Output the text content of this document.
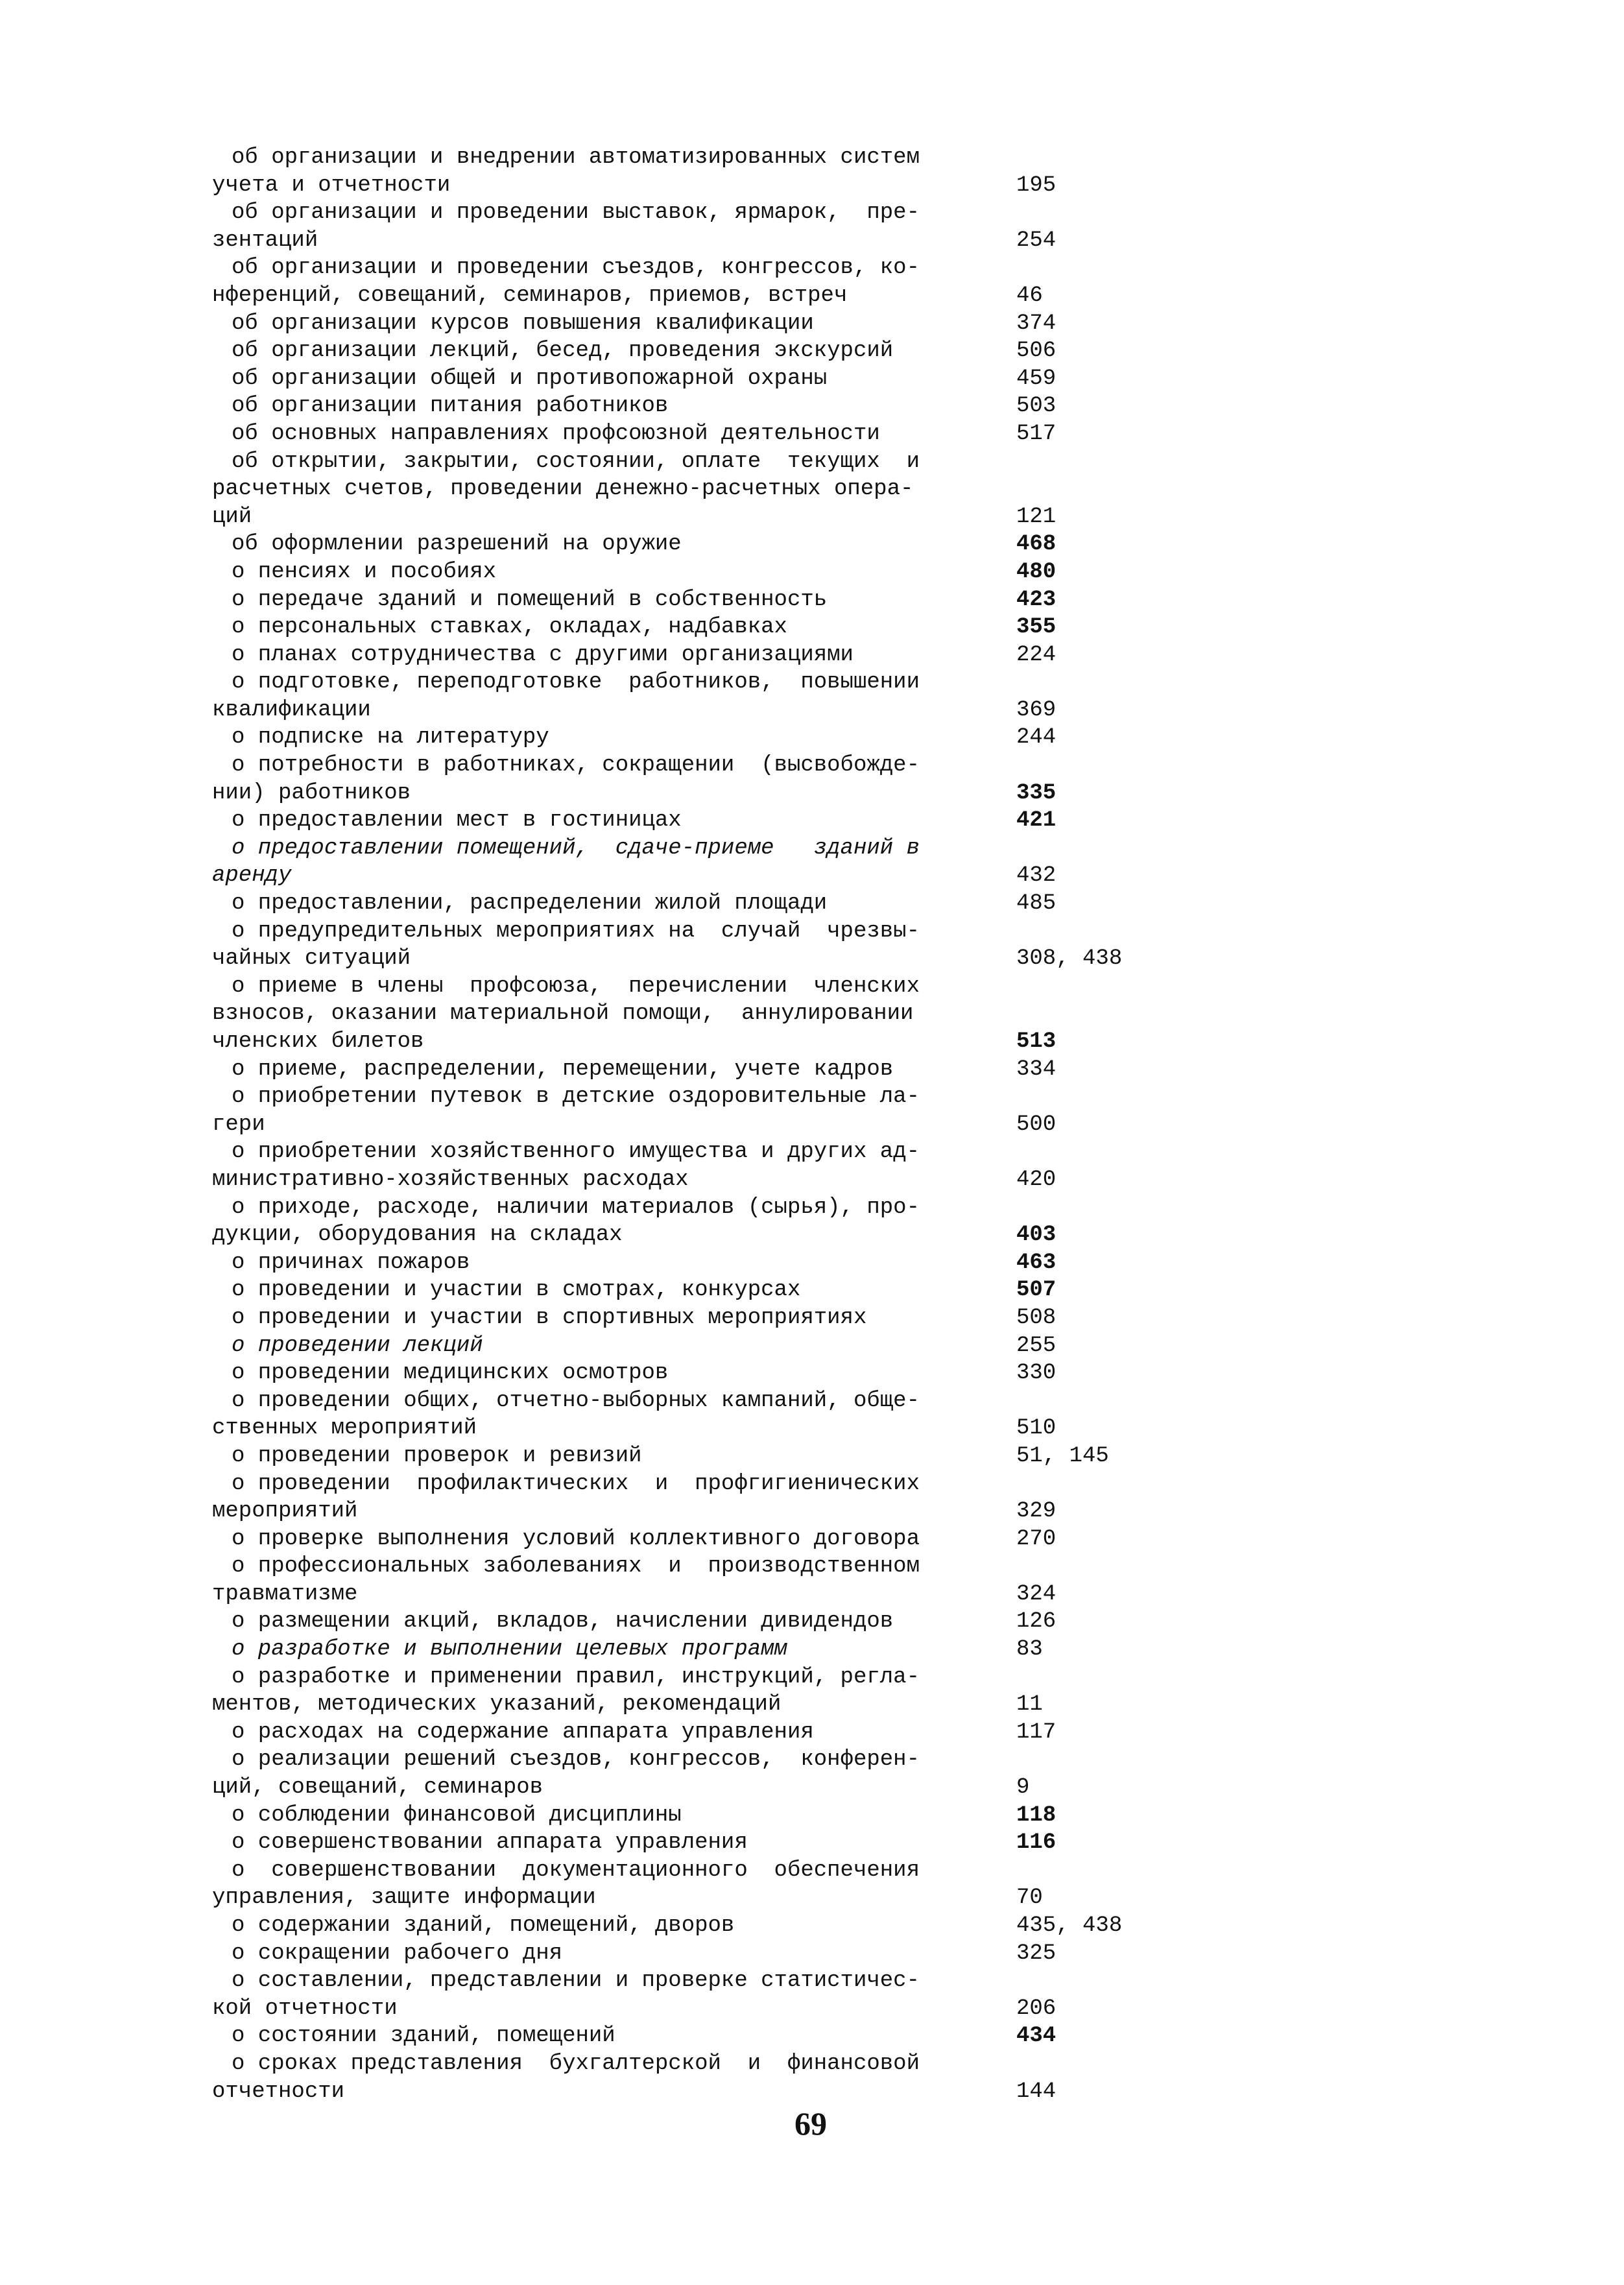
об организации и внедрении автоматизированных систем
учета и отчетности	195
об организации и проведении выставок, ярмарок,  пре-
зентаций	254
об организации и проведении съездов, конгрессов, ко-
нференций, совещаний, семинаров, приемов, встреч	46
об организации курсов повышения квалификации	374
об организации лекций, бесед, проведения экскурсий	506
об организации общей и противопожарной охраны	459
об организации питания работников	503
об основных направлениях профсоюзной деятельности	517
об открытии, закрытии, состоянии, оплате  текущих  и
расчетных счетов, проведении денежно-расчетных опера-
ций	121
об оформлении разрешений на оружие	468
о пенсиях и пособиях	480
о передаче зданий и помещений в собственность	423
о персональных ставках, окладах, надбавках	355
о планах сотрудничества с другими организациями	224
о подготовке, переподготовке  работников,  повышении
квалификации	369
о подписке на литературу	244
о потребности в работниках, сокращении  (высвобожде-
нии) работников	335
о предоставлении мест в гостиницах	421
о предоставлении помещений,  сдаче-приеме   зданий в
аренду	432
о предоставлении, распределении жилой площади	485
о предупредительных мероприятиях на  случай  чрезвы-
чайных ситуаций	308, 438
о приеме в члены  профсоюза,  перечислении  членских
взносов, оказании материальной помощи,  аннулировании
членских билетов	513
о приеме, распределении, перемещении, учете кадров	334
о приобретении путевок в детские оздоровительные ла-
гери	500
о приобретении хозяйственного имущества и других ад-
министративно-хозяйственных расходах	420
о приходе, расходе, наличии материалов (сырья), про-
дукции, оборудования на складах	403
о причинах пожаров	463
о проведении и участии в смотрах, конкурсах	507
о проведении и участии в спортивных мероприятиях	508
о проведении лекций	255
о проведении медицинских осмотров	330
о проведении общих, отчетно-выборных кампаний, обще-
ственных мероприятий	510
о проведении проверок и ревизий	51, 145
о проведении  профилактических  и  профгигиенических
мероприятий	329
о проверке выполнения условий коллективного договора	270
о профессиональных заболеваниях  и  производственном
травматизме	324
о размещении акций, вкладов, начислении дивидендов	126
о разработке и выполнении целевых программ	83
о разработке и применении правил, инструкций, регла-
ментов, методических указаний, рекомендаций	11
о расходах на содержание аппарата управления	117
о реализации решений съездов, конгрессов,  конферен-
ций, совещаний, семинаров	9
о соблюдении финансовой дисциплины	118
о совершенствовании аппарата управления	116
о  совершенствовании  документационного  обеспечения
управления, защите информации	70
о содержании зданий, помещений, дворов	435, 438
о сокращении рабочего дня	325
о составлении, представлении и проверке статистичес-
кой отчетности	206
о состоянии зданий, помещений	434
о сроках представления  бухгалтерской  и  финансовой
отчетности	144
69
